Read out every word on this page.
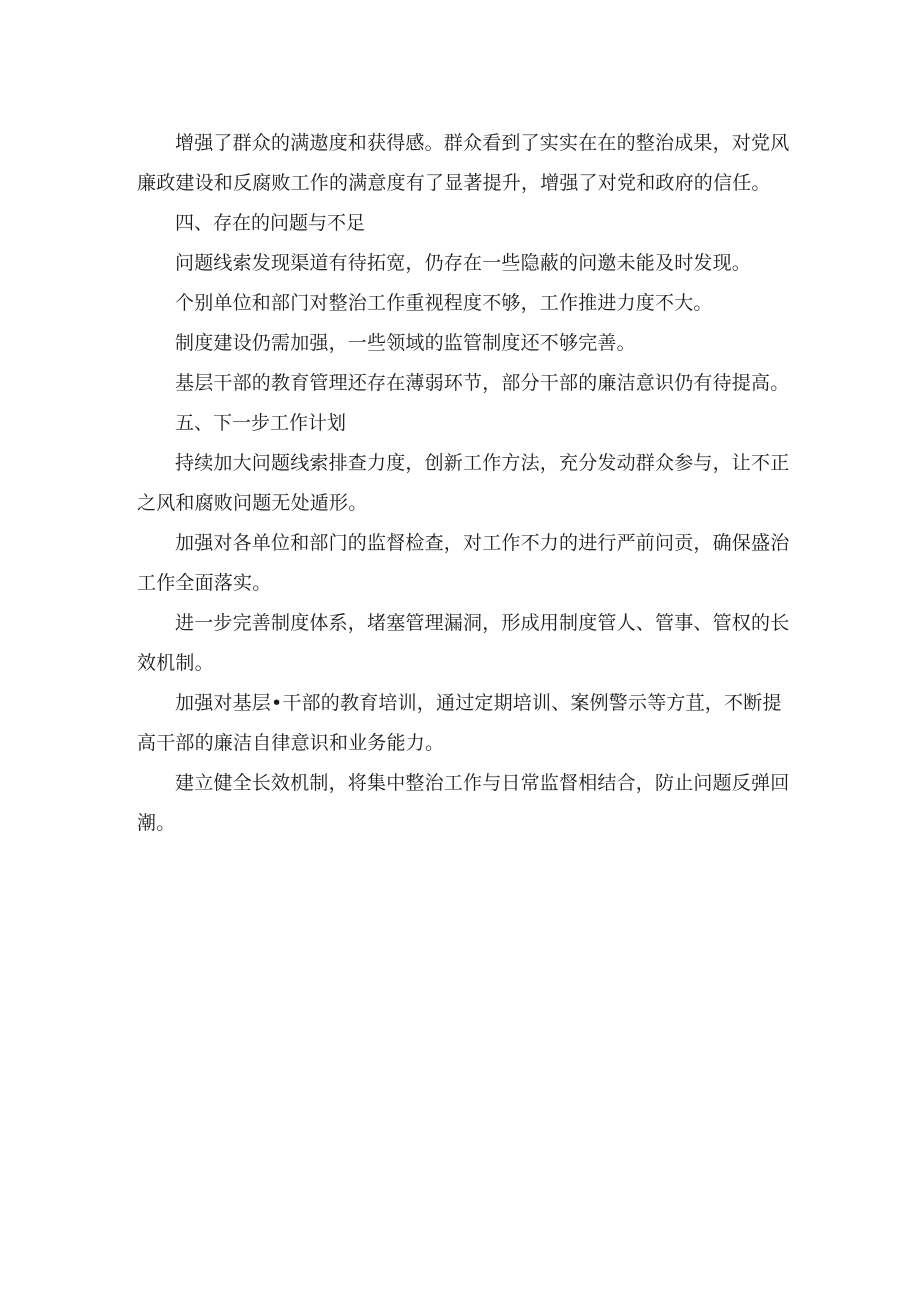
增强了群众的满遨度和获得感。群众看到了实实在在的整治成果，对党风廉政建设和反腐败工作的满意度有了显著提升，增强了对党和政府的信任。

四、存在的问题与不足

问题线索发现渠道有待拓宽，仍存在一些隐蔽的问邀未能及时发现。

个别单位和部门对整治工作重视程度不够，工作推进力度不大。

制度建设仍需加强，一些领域的监管制度还不够完善。

基层干部的教育管理还存在薄弱环节，部分干部的廉洁意识仍有待提高。

五、下一步工作计划

持续加大问题线索排查力度，创新工作方法，充分发动群众参与，让不正之风和腐败问题无处遁形。

加强对各单位和部门的监督检查，对工作不力的进行严前问贡，确保盛治工作全面落实。

进一步完善制度体系，堵塞管理漏洞，形成用制度管人、管事、管权的长效机制。

加强对基层•干部的教育培训，通过定期培训、案例警示等方苴，不断提高干部的廉洁自律意识和业务能力。

建立健全长效机制，将集中整治工作与日常监督相结合，防止问题反弹回潮。
